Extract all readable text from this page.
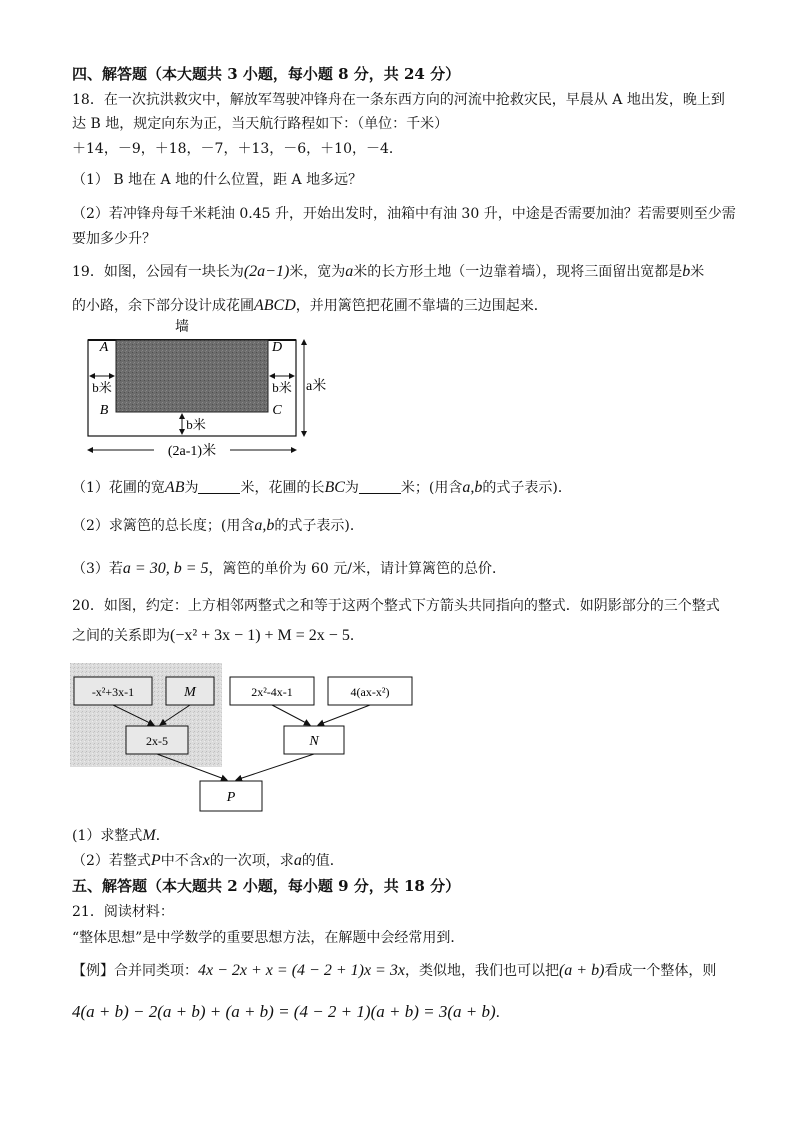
四、解答题（本大题共 3 小题，每小题 8 分，共 24 分）
18．在一次抗洪救灾中，解放军驾驶冲锋舟在一条东西方向的河流中抢救灾民，早晨从 A 地出发，晚上到
达 B 地，规定向东为正，当天航行路程如下：（单位：千米）
＋14，－9，＋18，－7，＋13，－6，＋10，－4．
（1） B 地在 A 地的什么位置，距 A 地多远？
（2）若冲锋舟每千米耗油 0.45 升，开始出发时，油箱中有油 30 升，中途是否需要加油？若需要则至少需
要加多少升？
19．如图，公园有一块长为(2a−1)米，宽为a米的长方形土地（一边靠着墙），现将三面留出宽都是b米
的小路，余下部分设计成花圃ABCD，并用篱笆把花圃不靠墙的三边围起来．
墙
A
B	C
D
b米	b米
b米
a米
(2a-1)米
（1）花圃的宽AB为	米，花圃的长BC为	米；(用含a,b的式子表示)．
（2）求篱笆的总长度；(用含a,b的式子表示)．
（3）若a = 30, b = 5，篱笆的单价为 60 元/米，请计算篱笆的总价．
20．如图，约定：上方相邻两整式之和等于这两个整式下方箭头共同指向的整式．如阴影部分的三个整式
之间的关系即为(−x² + 3x − 1) + M = 2x − 5．
-x²+3x-1	M	2x²-4x-1	4(ax-x²)
2x-5	N
P
(1）求整式M．
（2）若整式P中不含x的一次项，求a的值．
五、解答题（本大题共 2 小题，每小题 9 分，共 18 分）
21．阅读材料：
“整体思想”是中学数学的重要思想方法，在解题中会经常用到．
【例】合并同类项：4x − 2x + x = (4 − 2 + 1)x = 3x，类似地，我们也可以把(a + b)看成一个整体，则
4(a + b) − 2(a + b) + (a + b) = (4 − 2 + 1)(a + b) = 3(a + b)．
